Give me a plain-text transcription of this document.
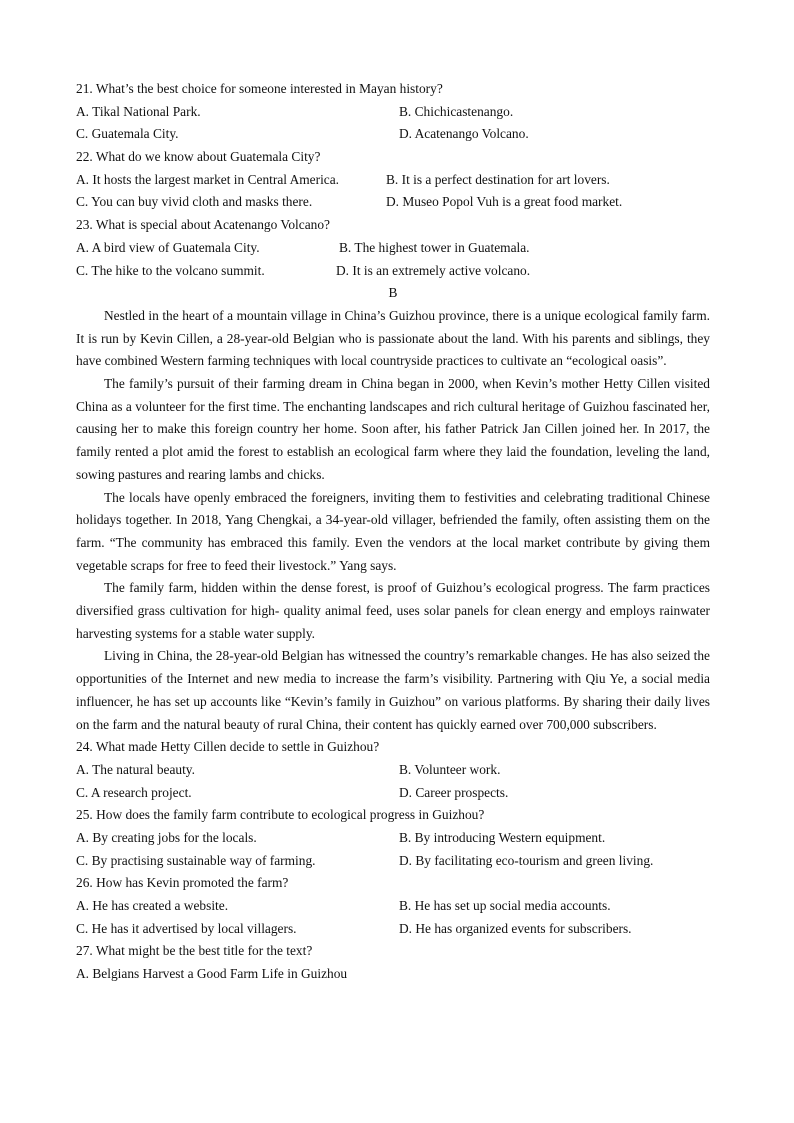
21. What’s the best choice for someone interested in Mayan history?
A. Tikal National Park.	B. Chichicastenango.
C. Guatemala City.	D. Acatenango Volcano.
22. What do we know about Guatemala City?
A. It hosts the largest market in Central America.	B. It is a perfect destination for art lovers.
C. You can buy vivid cloth and masks there.	D. Museo Popol Vuh is a great food market.
23. What is special about Acatenango Volcano?
A. A bird view of Guatemala City.	B. The highest tower in Guatemala.
C. The hike to the volcano summit.	D. It is an extremely active volcano.
B

Nestled in the heart of a mountain village in China’s Guizhou province, there is a unique ecological family farm. It is run by Kevin Cillen, a 28-year-old Belgian who is passionate about the land. With his parents and siblings, they have combined Western farming techniques with local countryside practices to cultivate an “ecological oasis”.

The family’s pursuit of their farming dream in China began in 2000, when Kevin’s mother Hetty Cillen visited China as a volunteer for the first time. The enchanting landscapes and rich cultural heritage of Guizhou fascinated her, causing her to make this foreign country her home. Soon after, his father Patrick Jan Cillen joined her. In 2017, the family rented a plot amid the forest to establish an ecological farm where they laid the foundation, leveling the land, sowing pastures and rearing lambs and chicks.

The locals have openly embraced the foreigners, inviting them to festivities and celebrating traditional Chinese holidays together. In 2018, Yang Chengkai, a 34-year-old villager, befriended the family, often assisting them on the farm. “The community has embraced this family. Even the vendors at the local market contribute by giving them vegetable scraps for free to feed their livestock.” Yang says.

The family farm, hidden within the dense forest, is proof of Guizhou’s ecological progress. The farm practices diversified grass cultivation for high- quality animal feed, uses solar panels for clean energy and employs rainwater harvesting systems for a stable water supply.

Living in China, the 28-year-old Belgian has witnessed the country’s remarkable changes. He has also seized the opportunities of the Internet and new media to increase the farm’s visibility. Partnering with Qiu Ye, a social media influencer, he has set up accounts like “Kevin’s family in Guizhou” on various platforms. By sharing their daily lives on the farm and the natural beauty of rural China, their content has quickly earned over 700,000 subscribers.

24. What made Hetty Cillen decide to settle in Guizhou?
A. The natural beauty.	B. Volunteer work.
C. A research project.	D. Career prospects.
25. How does the family farm contribute to ecological progress in Guizhou?
A. By creating jobs for the locals.	B. By introducing Western equipment.
C. By practising sustainable way of farming.	D. By facilitating eco-tourism and green living.
26. How has Kevin promoted the farm?
A. He has created a website.	B. He has set up social media accounts.
C. He has it advertised by local villagers.	D. He has organized events for subscribers.
27. What might be the best title for the text?
A. Belgians Harvest a Good Farm Life in Guizhou
